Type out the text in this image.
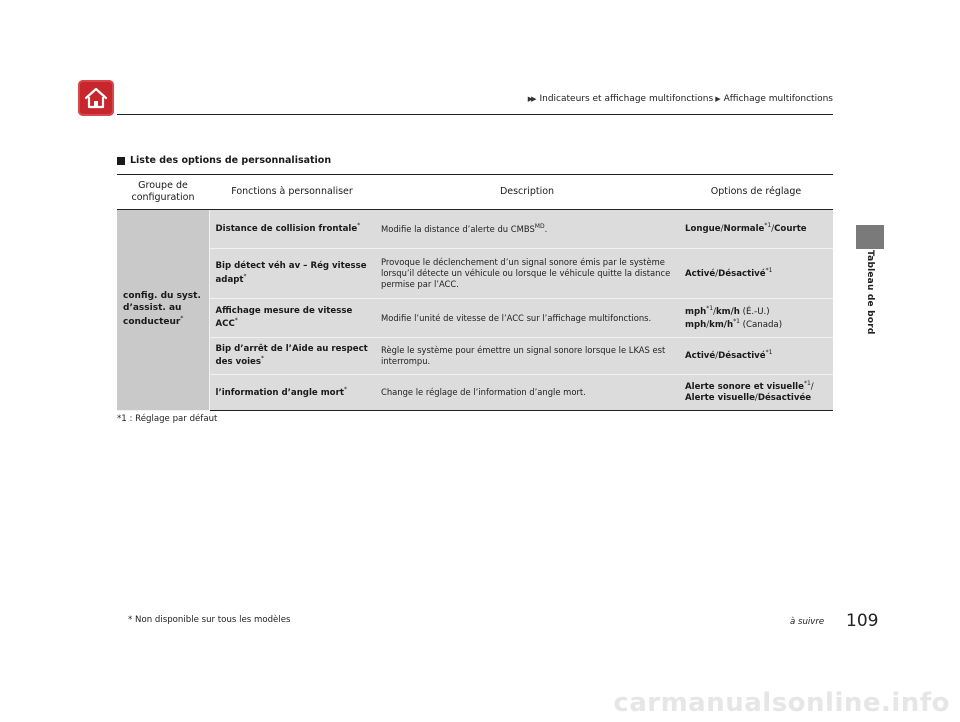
▶▶ Indicateurs et affichage multifonctions ▶ Affichage multifonctions
Tableau de bord
Liste des options de personnalisation
Groupe de configuration	Fonctions à personnaliser	Description	Options de réglage
config. du syst. d’assist. au conducteur*	Distance de collision frontale*	Modifie la distance d’alerte du $CMBS^{MD}$.	Longue/Normale$^{*1}$/Courte
	Bip détect véh av – Rég vitesse adapt*	Provoque le déclenchement d’un signal sonore émis par le système lorsqu’il détecte un véhicule ou lorsque le véhicule quitte la distance permise par l’ACC.	Activé/Désactivé$^{*1}$
	Affichage mesure de vitesse ACC*	Modifie l’unité de vitesse de l’ACC sur l’affichage multifonctions.	mph$^{*1}$/km/h (É.-U.)
mph/$km/h^{*1}$ (Canada)
	Bip d’arrêt de l’Aide au respect des voies*	Règle le système pour émettre un signal sonore lorsque le LKAS est interrompu.	Activé/Désactivé$^{*1}$
	l’information d’angle mort*	Change le réglage de l’information d’angle mort.	Alerte sonore et visuelle$^{*1}$/
Alerte visuelle/Désactivée
*1 : Réglage par défaut
* Non disponible sur tous les modèles	à suivre 109
carmanualsonline.info
